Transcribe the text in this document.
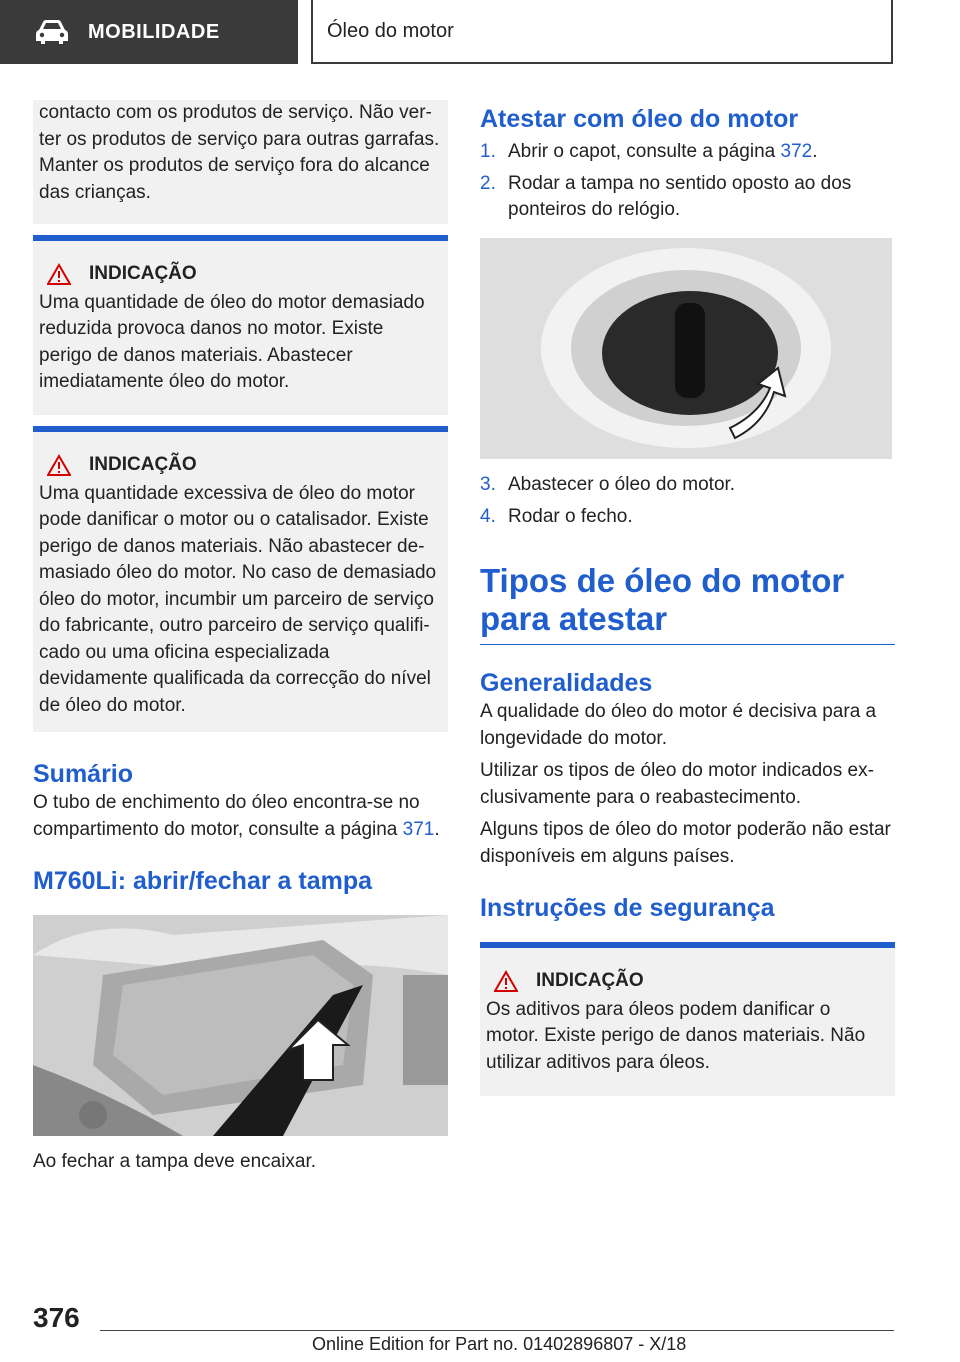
MOBILIDADE	Óleo do motor
contacto com os produtos de serviço. Não ver-ter os produtos de serviço para outras garrafas. Manter os produtos de serviço fora do alcance das crianças.
INDICAÇÃO
Uma quantidade de óleo do motor demasiado reduzida provoca danos no motor. Existe perigo de danos materiais. Abastecer imediatamente óleo do motor.
INDICAÇÃO
Uma quantidade excessiva de óleo do motor pode danificar o motor ou o catalisador. Existe perigo de danos materiais. Não abastecer de-masiado óleo do motor. No caso de demasiado óleo do motor, incumbir um parceiro de serviço do fabricante, outro parceiro de serviço qualifi-cado ou uma oficina especializada devidamente qualificada da correcção do nível de óleo do motor.
Sumário
O tubo de enchimento do óleo encontra-se no compartimento do motor, consulte a página 371.
M760Li: abrir/fechar a tampa
Ao fechar a tampa deve encaixar.
Atestar com óleo do motor
1. Abrir o capot, consulte a página 372.
2. Rodar a tampa no sentido oposto ao dos ponteiros do relógio.
3. Abastecer o óleo do motor.
4. Rodar o fecho.
Tipos de óleo do motor para atestar
Generalidades
A qualidade do óleo do motor é decisiva para a longevidade do motor.
Utilizar os tipos de óleo do motor indicados ex-clusivamente para o reabastecimento.
Alguns tipos de óleo do motor poderão não estar disponíveis em alguns países.
Instruções de segurança
INDICAÇÃO
Os aditivos para óleos podem danificar o motor. Existe perigo de danos materiais. Não utilizar aditivos para óleos.
376
Online Edition for Part no. 01402896807 - X/18
